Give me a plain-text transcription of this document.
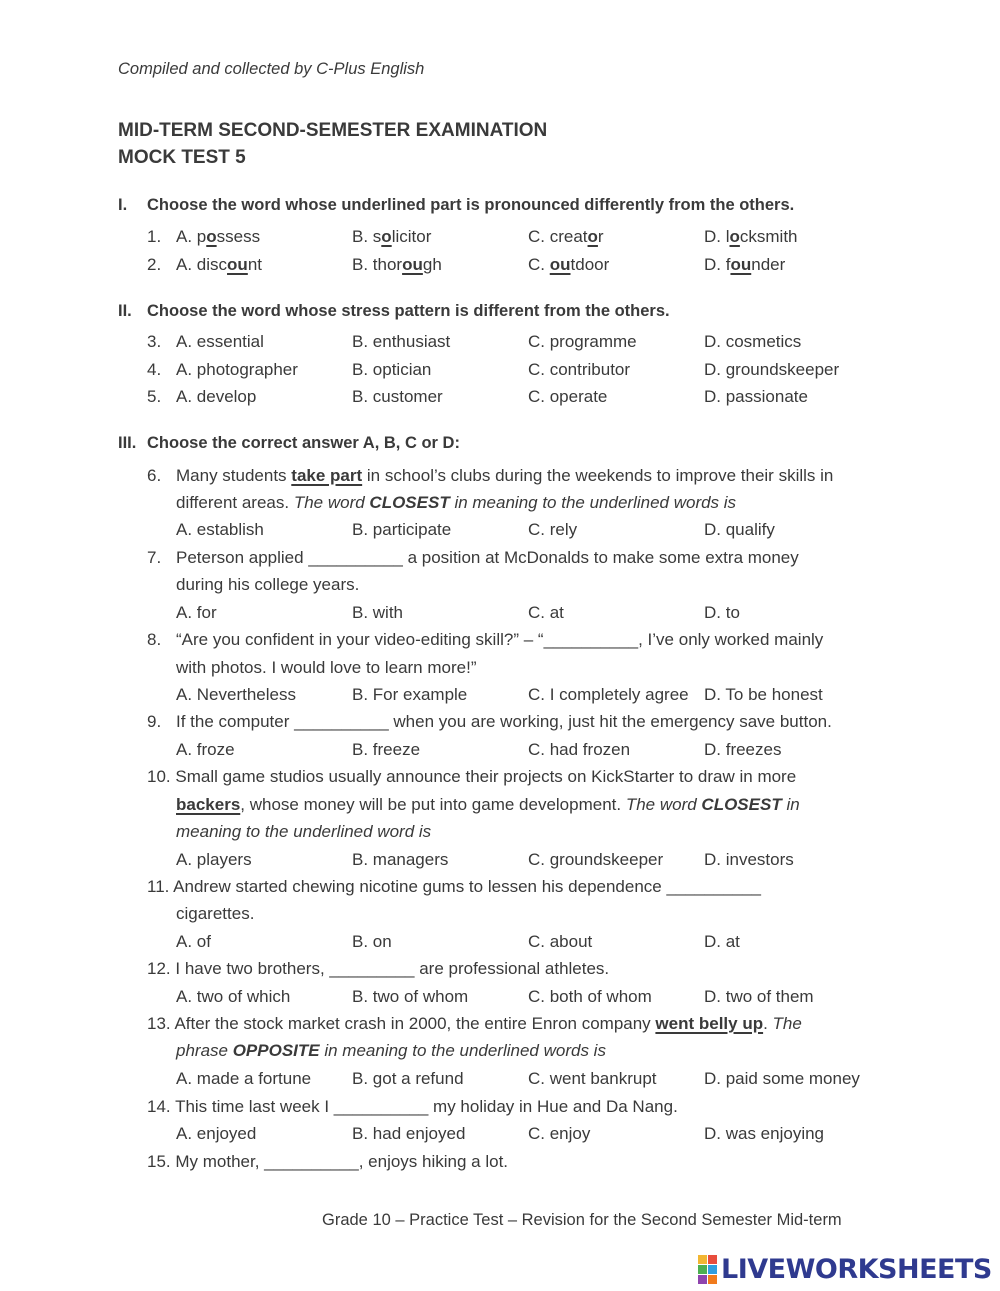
Compiled and collected by C-Plus English
MID-TERM SECOND-SEMESTER EXAMINATION
MOCK TEST 5
I. Choose the word whose underlined part is pronounced differently from the others.
1. A. possess	B. solicitor	C. creator	D. locksmith
2. A. discount	B. thorough	C. outdoor	D. founder
II. Choose the word whose stress pattern is different from the others.
3. A. essential	B. enthusiast	C. programme	D. cosmetics
4. A. photographer	B. optician	C. contributor	D. groundskeeper
5. A. develop	B. customer	C. operate	D. passionate
III. Choose the correct answer A, B, C or D:
6. Many students take part in school’s clubs during the weekends to improve their skills in
different areas. The word CLOSEST in meaning to the underlined words is
A. establish	B. participate	C. rely	D. qualify
7. Peterson applied __________ a position at McDonalds to make some extra money
during his college years.
A. for	B. with	C. at	D. to
8. “Are you confident in your video-editing skill?” – “__________, I’ve only worked mainly
with photos. I would love to learn more!”
A. Nevertheless	B. For example	C. I completely agree D. To be honest
9. If the computer __________ when you are working, just hit the emergency save button.
A. froze	B. freeze	C. had frozen	D. freezes
10. Small game studios usually announce their projects on KickStarter to draw in more
backers, whose money will be put into game development. The word CLOSEST in
meaning to the underlined word is
A. players	B. managers	C. groundskeeper D. investors
11. Andrew started chewing nicotine gums to lessen his dependence __________
cigarettes.
A. of	B. on	C. about	D. at
12. I have two brothers, _________ are professional athletes.
A. two of which	B. two of whom	C. both of whom	D. two of them
13. After the stock market crash in 2000, the entire Enron company went belly up. The
phrase OPPOSITE in meaning to the underlined words is
A. made a fortune B. got a refund	C. went bankrupt	D. paid some money
14. This time last week I __________ my holiday in Hue and Da Nang.
A. enjoyed	B. had enjoyed	C. enjoy	D. was enjoying
15. My mother, __________, enjoys hiking a lot.
Grade 10 – Practice Test – Revision for the Second Semester Mid-term
LIVEWORKSHEETS
